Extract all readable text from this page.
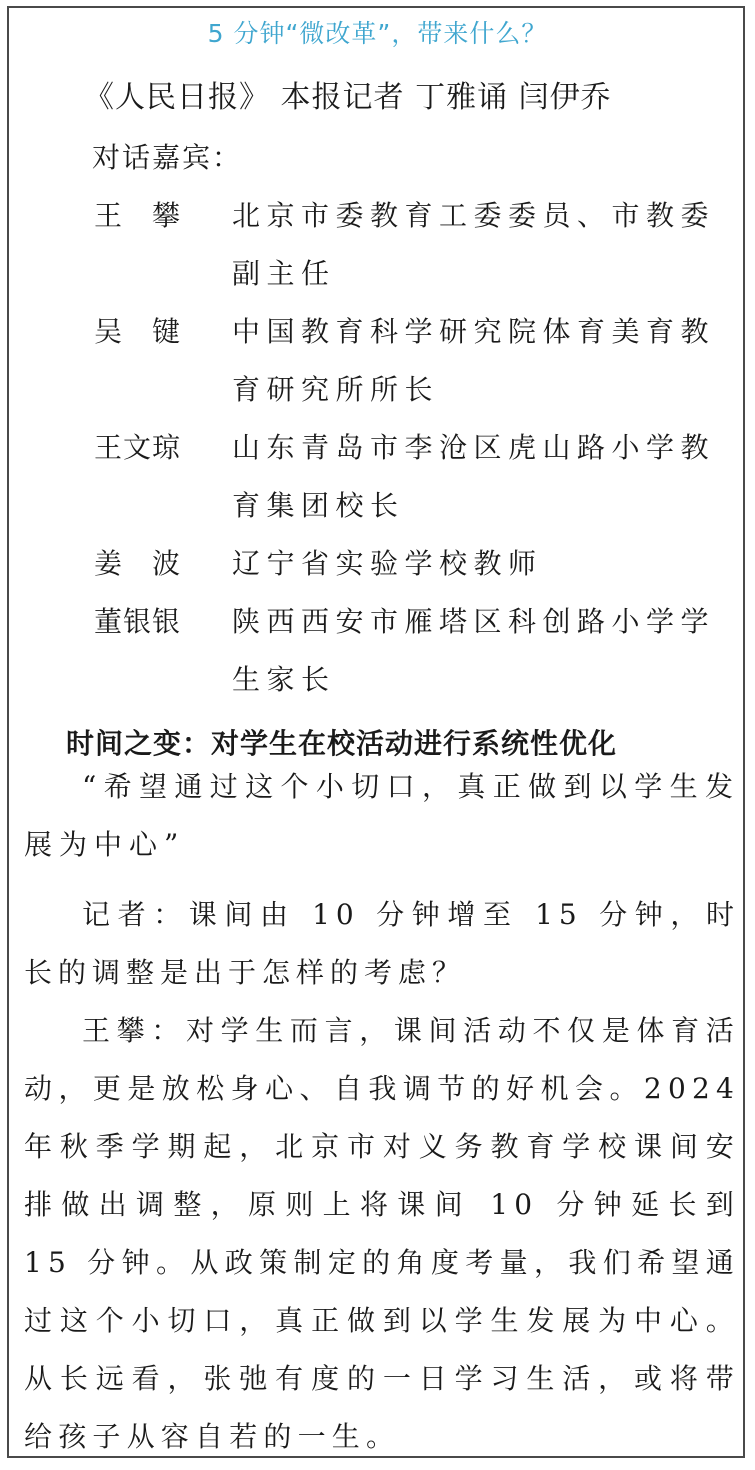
5 分钟“微改革”，带来什么？
《人民日报》 本报记者 丁雅诵 闫伊乔
对话嘉宾：
王　攀 北京市委教育工委委员、市教委副主任
吴　键 中国教育科学研究院体育美育教育研究所所长
王文琼 山东青岛市李沧区虎山路小学教育集团校长
姜　波 辽宁省实验学校教师
董银银 陕西西安市雁塔区科创路小学学生家长
时间之变：对学生在校活动进行系统性优化
“希望通过这个小切口，真正做到以学生发展为中心”
记者：课间由 10 分钟增至 15 分钟，时长的调整是出于怎样的考虑？
王攀：对学生而言，课间活动不仅是体育活动，更是放松身心、自我调节的好机会。2024 年秋季学期起，北京市对义务教育学校课间安排做出调整，原则上将课间 10 分钟延长到 15 分钟。从政策制定的角度考量，我们希望通过这个小切口，真正做到以学生发展为中心。从长远看，张弛有度的一日学习生活，或将带给孩子从容自若的一生。
